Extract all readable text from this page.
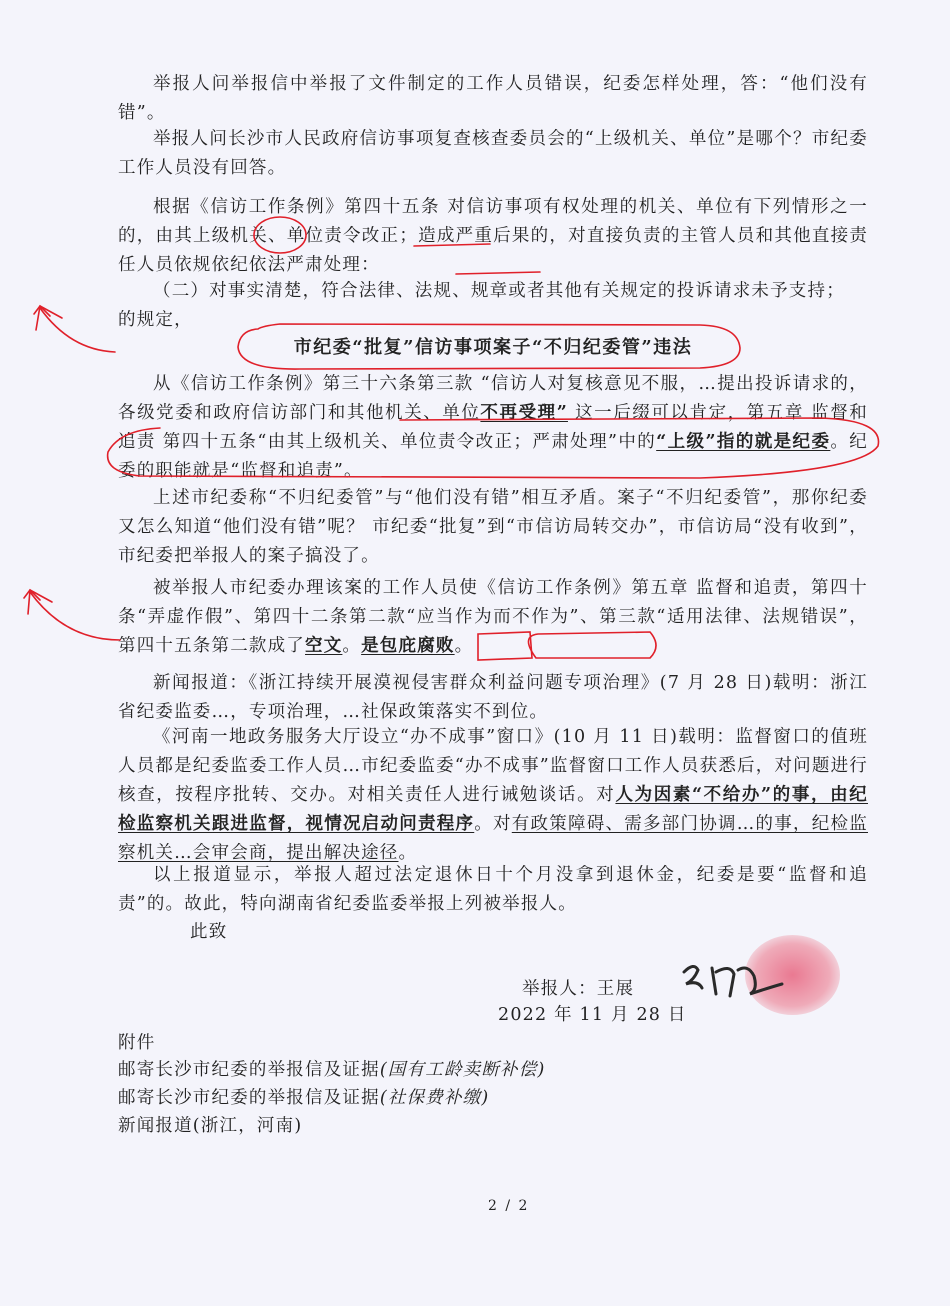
举报人问举报信中举报了文件制定的工作人员错误，纪委怎样处理，答：“他们没有错”。
举报人问长沙市人民政府信访事项复查核查委员会的“上级机关、单位”是哪个？市纪委工作人员没有回答。
根据《信访工作条例》第四十五条 对信访事项有权处理的机关、单位有下列情形之一的，由其上级机关、单位责令改正；造成严重后果的，对直接负责的主管人员和其他直接责任人员依规依纪依法严肃处理：
（二）对事实清楚，符合法律、法规、规章或者其他有关规定的投诉请求未予支持；
的规定，
市纪委“批复”信访事项案子“不归纪委管”违法
从《信访工作条例》第三十六条第三款 “信访人对复核意见不服，…提出投诉请求的，各级党委和政府信访部门和其他机关、单位不再受理” 这一后缀可以肯定，第五章 监督和追责 第四十五条“由其上级机关、单位责令改正；严肃处理”中的“上级”指的就是纪委。纪委的职能就是“监督和追责”。
上述市纪委称“不归纪委管”与“他们没有错”相互矛盾。案子“不归纪委管”，那你纪委又怎么知道“他们没有错”呢？ 市纪委“批复”到“市信访局转交办”，市信访局“没有收到”，市纪委把举报人的案子搞没了。
被举报人市纪委办理该案的工作人员使《信访工作条例》第五章 监督和追责，第四十条“弄虚作假”、第四十二条第二款“应当作为而不作为”、第三款“适用法律、法规错误”，第四十五条第二款成了空文。是包庇腐败。
新闻报道：《浙江持续开展漠视侵害群众利益问题专项治理》(7 月 28 日)载明：浙江省纪委监委…，专项治理，…社保政策落实不到位。
《河南一地政务服务大厅设立“办不成事”窗口》(10 月 11 日)载明：监督窗口的值班人员都是纪委监委工作人员…市纪委监委“办不成事”监督窗口工作人员获悉后，对问题进行核查，按程序批转、交办。对相关责任人进行诫勉谈话。对人为因素“不给办”的事，由纪检监察机关跟进监督，视情况启动问责程序。对有政策障碍、需多部门协调…的事，纪检监察机关…会审会商，提出解决途径。
以上报道显示，举报人超过法定退休日十个月没拿到退休金，纪委是要“监督和追责”的。故此，特向湖南省纪委监委举报上列被举报人。
此致
举报人：王展
2022 年 11 月 28 日
附件
邮寄长沙市纪委的举报信及证据(国有工龄卖断补偿)
邮寄长沙市纪委的举报信及证据(社保费补缴)
新闻报道(浙江，河南)
2 / 2
